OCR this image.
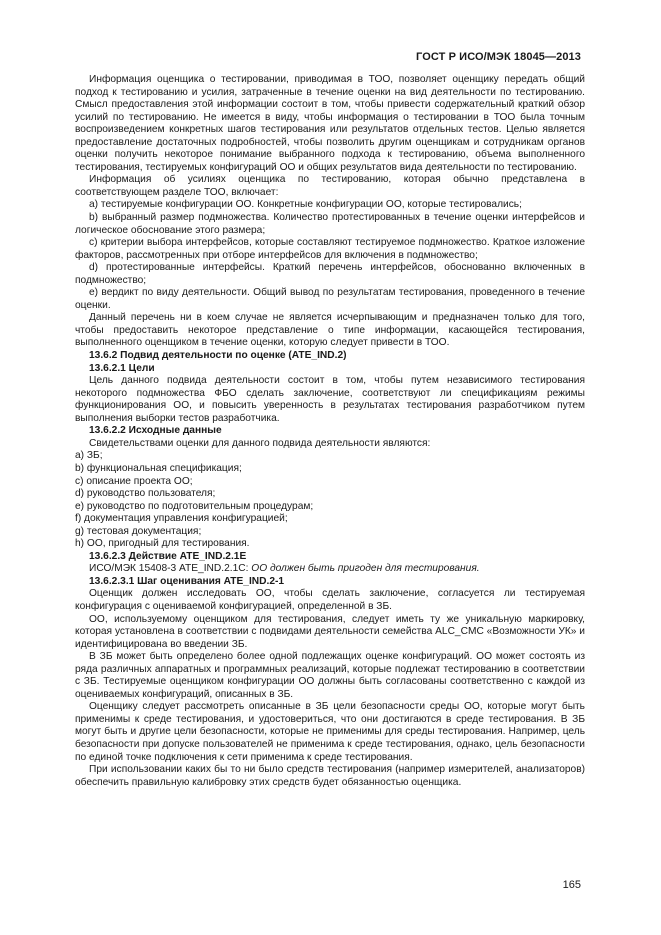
ГОСТ Р ИСО/МЭК 18045—2013

Информация оценщика о тестировании, приводимая в ТОО, позволяет оценщику передать общий подход к тестированию и усилия, затраченные в течение оценки на вид деятельности по тестированию. Смысл предоставления этой информации состоит в том, чтобы привести содержательный краткий обзор усилий по тестированию. Не имеется в виду, чтобы информация о тестировании в ТОО была точным воспроизведением конкретных шагов тестирования или результатов отдельных тестов. Целью является предоставление достаточных подробностей, чтобы позволить другим оценщикам и сотрудникам органов оценки получить некоторое понимание выбранного подхода к тестированию, объема выполненного тестирования, тестируемых конфигураций ОО и общих результатов вида деятельности по тестированию.

Информация об усилиях оценщика по тестированию, которая обычно представлена в соответствующем разделе ТОО, включает:

a) тестируемые конфигурации ОО. Конкретные конфигурации ОО, которые тестировались;

b) выбранный размер подмножества. Количество протестированных в течение оценки интерфейсов и логическое обоснование этого размера;

c) критерии выбора интерфейсов, которые составляют тестируемое подмножество. Краткое изложение факторов, рассмотренных при отборе интерфейсов для включения в подмножество;

d) протестированные интерфейсы. Краткий перечень интерфейсов, обоснованно включенных в подмножество;

e) вердикт по виду деятельности. Общий вывод по результатам тестирования, проведенного в течение оценки.

Данный перечень ни в коем случае не является исчерпывающим и предназначен только для того, чтобы предоставить некоторое представление о типе информации, касающейся тестирования, выполненного оценщиком в течение оценки, которую следует привести в ТОО.

13.6.2 Подвид деятельности по оценке (ATE_IND.2)

13.6.2.1 Цели

Цель данного подвида деятельности состоит в том, чтобы путем независимого тестирования некоторого подмножества ФБО сделать заключение, соответствуют ли спецификациям режимы функционирования ОО, и повысить уверенность в результатах тестирования разработчиком путем выполнения выборки тестов разработчика.

13.6.2.2 Исходные данные

Свидетельствами оценки для данного подвида деятельности являются:

a) ЗБ;

b) функциональная спецификация;

c) описание проекта ОО;

d) руководство пользователя;

e) руководство по подготовительным процедурам;

f) документация управления конфигурацией;

g) тестовая документация;

h) ОО, пригодный для тестирования.

13.6.2.3 Действие ATE_IND.2.1E

ИСО/МЭК 15408-3 ATE_IND.2.1C: ОО должен быть пригоден для тестирования.

13.6.2.3.1 Шаг оценивания ATE_IND.2-1

Оценщик должен исследовать ОО, чтобы сделать заключение, согласуется ли тестируемая конфигурация с оцениваемой конфигурацией, определенной в ЗБ.

ОО, используемому оценщиком для тестирования, следует иметь ту же уникальную маркировку, которая установлена в соответствии с подвидами деятельности семейства ALC_CMC «Возможности УК» и идентифицирована во введении ЗБ.

В ЗБ может быть определено более одной подлежащих оценке конфигураций. ОО может состоять из ряда различных аппаратных и программных реализаций, которые подлежат тестированию в соответствии с ЗБ. Тестируемые оценщиком конфигурации ОО должны быть согласованы соответственно с каждой из оцениваемых конфигураций, описанных в ЗБ.

Оценщику следует рассмотреть описанные в ЗБ цели безопасности среды ОО, которые могут быть применимы к среде тестирования, и удостовериться, что они достигаются в среде тестирования. В ЗБ могут быть и другие цели безопасности, которые не применимы для среды тестирования. Например, цель безопасности при допуске пользователей не применима к среде тестирования, однако, цель безопасности по единой точке подключения к сети применима к среде тестирования.

При использовании каких бы то ни было средств тестирования (например измерителей, анализаторов) обеспечить правильную калибровку этих средств будет обязанностью оценщика.

165
